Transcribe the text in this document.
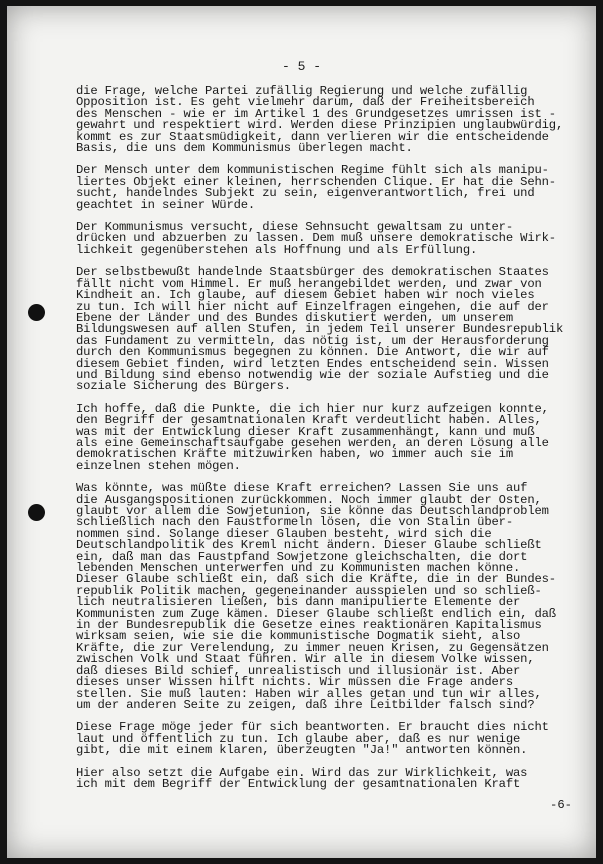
- 5 -

die Frage, welche Partei zufällig Regierung und welche zufällig
Opposition ist. Es geht vielmehr darum, daß der Freiheitsbereich
des Menschen - wie er im Artikel 1 des Grundgesetzes umrissen ist -
gewahrt und respektiert wird. Werden diese Prinzipien unglaubwürdig,
kommt es zur Staatsmüdigkeit, dann verlieren wir die entscheidende
Basis, die uns dem Kommunismus überlegen macht.

Der Mensch unter dem kommunistischen Regime fühlt sich als manipu-
liertes Objekt einer kleinen, herrschenden Clique. Er hat die Sehn-
sucht, handelndes Subjekt zu sein, eigenverantwortlich, frei und
geachtet in seiner Würde.

Der Kommunismus versucht, diese Sehnsucht gewaltsam zu unter-
drücken und abzuerben zu lassen. Dem muß unsere demokratische Wirk-
lichkeit gegenüberstehen als Hoffnung und als Erfüllung.

Der selbstbewußt handelnde Staatsbürger des demokratischen Staates
fällt nicht vom Himmel. Er muß herangebildet werden, und zwar von
Kindheit an. Ich glaube, auf diesem Gebiet haben wir noch vieles
zu tun. Ich will hier nicht auf Einzelfragen eingehen, die auf der
Ebene der Länder und des Bundes diskutiert werden, um unserem
Bildungswesen auf allen Stufen, in jedem Teil unserer Bundesrepublik
das Fundament zu vermitteln, das nötig ist, um der Herausforderung
durch den Kommunismus begegnen zu können. Die Antwort, die wir auf
diesem Gebiet finden, wird letzten Endes entscheidend sein. Wissen
und Bildung sind ebenso notwendig wie der soziale Aufstieg und die
soziale Sicherung des Bürgers.

Ich hoffe, daß die Punkte, die ich hier nur kurz aufzeigen konnte,
den Begriff der gesamtnationalen Kraft verdeutlicht haben. Alles,
was mit der Entwicklung dieser Kraft zusammenhängt, kann und muß
als eine Gemeinschaftsaufgabe gesehen werden, an deren Lösung alle
demokratischen Kräfte mitzuwirken haben, wo immer auch sie im
einzelnen stehen mögen.

Was könnte, was müßte diese Kraft erreichen? Lassen Sie uns auf
die Ausgangspositionen zurückkommen. Noch immer glaubt der Osten,
glaubt vor allem die Sowjetunion, sie könne das Deutschlandproblem
schließlich nach den Faustformeln lösen, die von Stalin über-
nommen sind. Solange dieser Glauben besteht, wird sich die
Deutschlandpolitik des Kreml nicht ändern. Dieser Glaube schließt
ein, daß man das Faustpfand Sowjetzone gleichschalten, die dort
lebenden Menschen unterwerfen und zu Kommunisten machen könne.
Dieser Glaube schließt ein, daß sich die Kräfte, die in der Bundes-
republik Politik machen, gegeneinander ausspielen und so schließ-
lich neutralisieren ließen, bis dann manipulierte Elemente der
Kommunisten zum Zuge kämen. Dieser Glaube schließt endlich ein, daß
in der Bundesrepublik die Gesetze eines reaktionären Kapitalismus
wirksam seien, wie sie die kommunistische Dogmatik sieht, also
Kräfte, die zur Verelendung, zu immer neuen Krisen, zu Gegensätzen
zwischen Volk und Staat führen. Wir alle in diesem Volke wissen,
daß dieses Bild schief, unrealistisch und illusionär ist. Aber
dieses unser Wissen hilft nichts. Wir müssen die Frage anders
stellen. Sie muß lauten: Haben wir alles getan und tun wir alles,
um der anderen Seite zu zeigen, daß ihre Leitbilder falsch sind?

Diese Frage möge jeder für sich beantworten. Er braucht dies nicht
laut und öffentlich zu tun. Ich glaube aber, daß es nur wenige
gibt, die mit einem klaren, überzeugten "Ja!" antworten können.

Hier also setzt die Aufgabe ein. Wird das zur Wirklichkeit, was
ich mit dem Begriff der Entwicklung der gesamtnationalen Kraft

-6-
